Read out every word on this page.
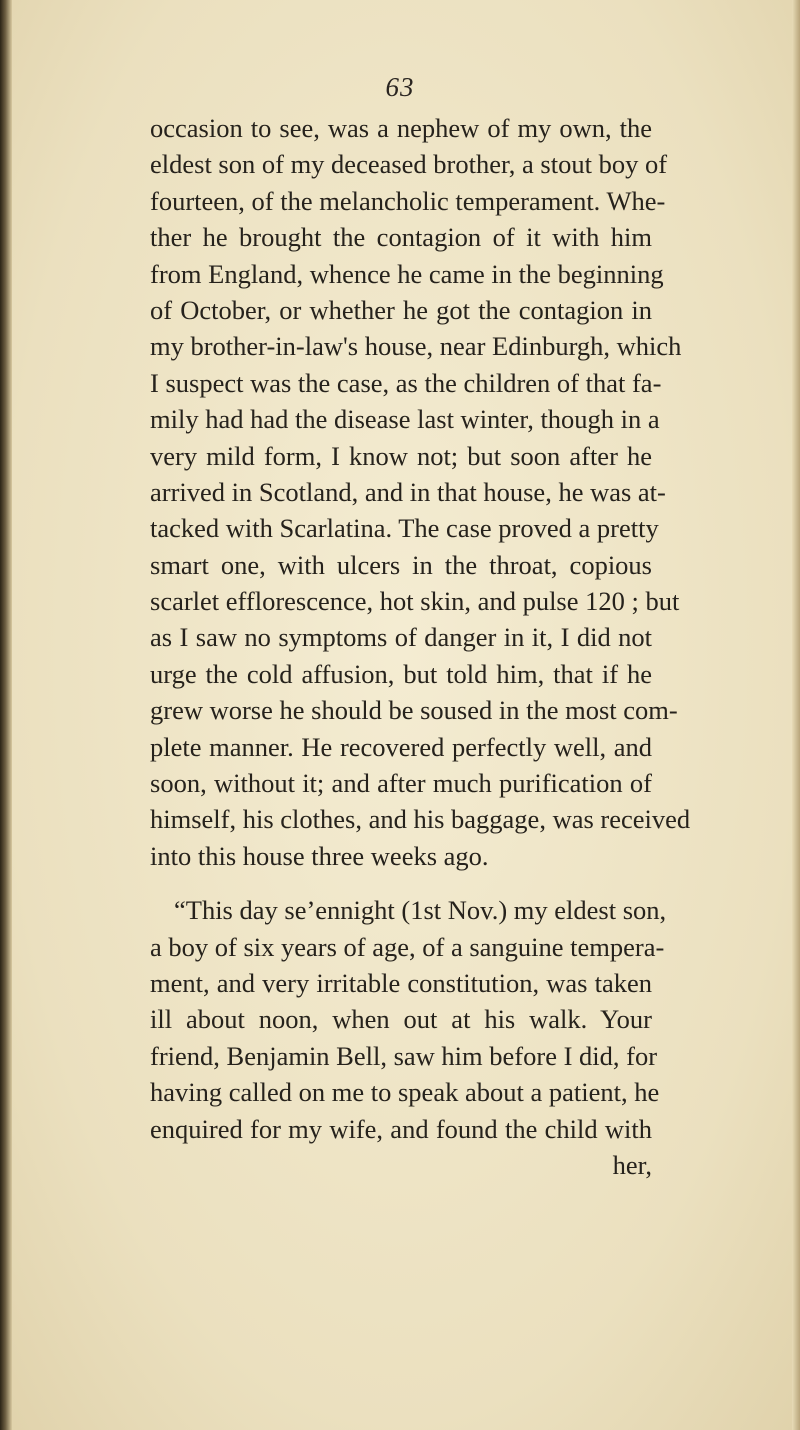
63
occasion to see, was a nephew of my own, the
eldest son of my deceased brother, a stout boy of
fourteen, of the melancholic temperament. Whe-
ther he brought the contagion of it with him
from England, whence he came in the beginning
of October, or whether he got the contagion in
my brother-in-law's house, near Edinburgh, which
I suspect was the case, as the children of that fa-
mily had had the disease last winter, though in a
very mild form, I know not; but soon after he
arrived in Scotland, and in that house, he was at-
tacked with Scarlatina. The case proved a pretty
smart one, with ulcers in the throat, copious
scarlet efflorescence, hot skin, and pulse 120 ; but
as I saw no symptoms of danger in it, I did not
urge the cold affusion, but told him, that if he
grew worse he should be soused in the most com-
plete manner. He recovered perfectly well, and
soon, without it; and after much purification of
himself, his clothes, and his baggage, was received
into this house three weeks ago.
“This day se’ennight (1st Nov.) my eldest son,
a boy of six years of age, of a sanguine tempera-
ment, and very irritable constitution, was taken
ill about noon, when out at his walk. Your
friend, Benjamin Bell, saw him before I did, for
having called on me to speak about a patient, he
enquired for my wife, and found the child with
her,
